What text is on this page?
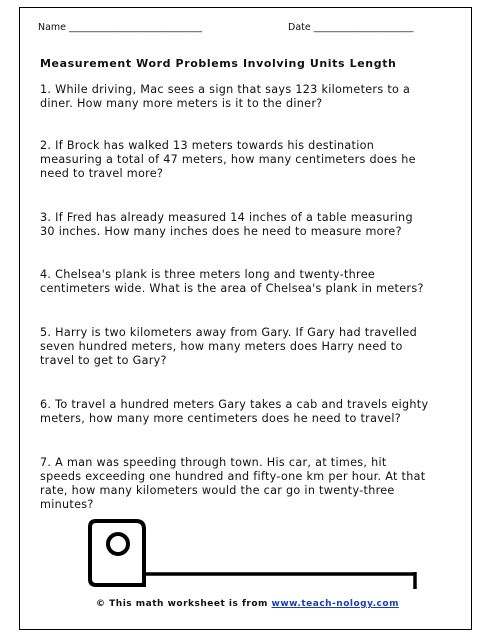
Name ____________________________	Date _____________________
Measurement Word Problems Involving Units Length
1. While driving, Mac sees a sign that says 123 kilometers to a
diner. How many more meters is it to the diner?
2. If Brock has walked 13 meters towards his destination
measuring a total of 47 meters, how many centimeters does he
need to travel more?
3. If Fred has already measured 14 inches of a table measuring
30 inches. How many inches does he need to measure more?
4. Chelsea's plank is three meters long and twenty-three
centimeters wide. What is the area of Chelsea's plank in meters?
5. Harry is two kilometers away from Gary. If Gary had travelled
seven hundred meters, how many meters does Harry need to
travel to get to Gary?
6. To travel a hundred meters Gary takes a cab and travels eighty
meters, how many more centimeters does he need to travel?
7. A man was speeding through town. His car, at times, hit
speeds exceeding one hundred and fifty-one km per hour. At that
rate, how many kilometers would the car go in twenty-three
minutes?
© This math worksheet is from www.teach-nology.com
